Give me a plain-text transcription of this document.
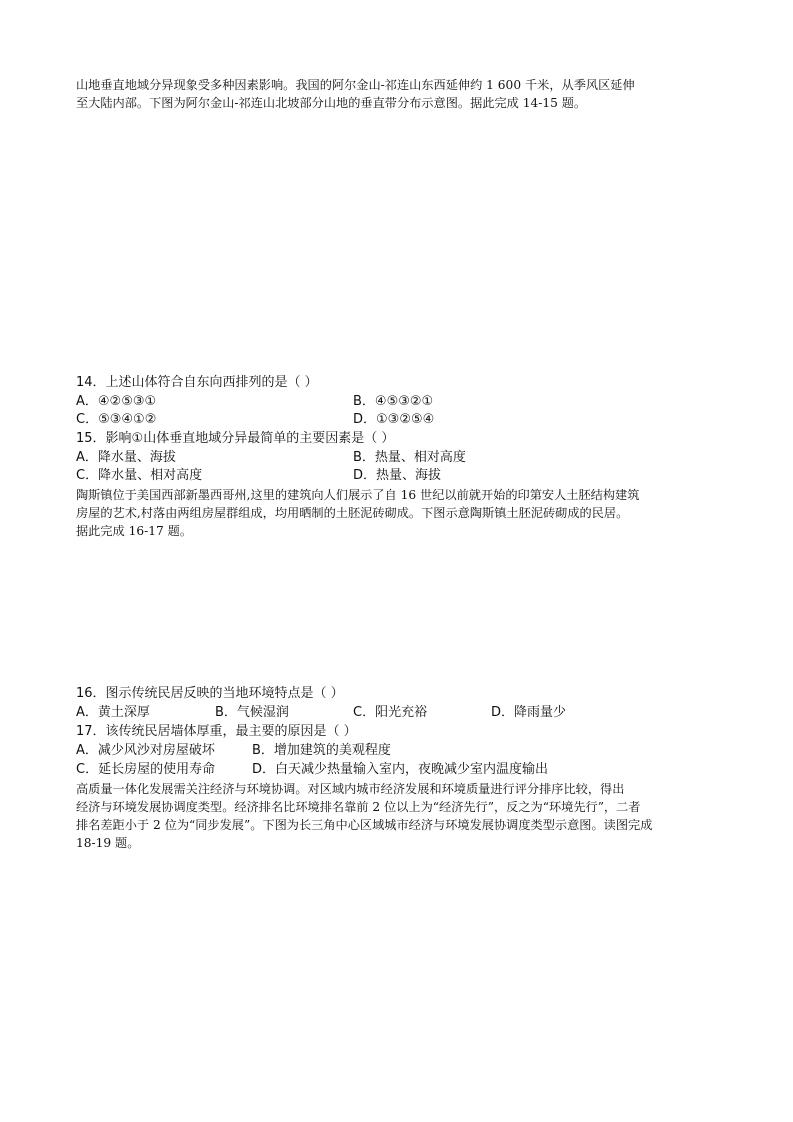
山地垂直地域分异现象受多种因素影响。我国的阿尔金山-祁连山东西延伸约 1 600 千米，从季风区延伸
至大陆内部。下图为阿尔金山-祁连山北坡部分山地的垂直带分布示意图。据此完成 14-15 题。
14．上述山体符合自东向西排列的是（ ）
A．④②⑤③①	B．④⑤③②①
C．⑤③④①②	D．①③②⑤④
15．影响①山体垂直地域分异最简单的主要因素是（ ）
A．降水量、海拔	B．热量、相对高度
C．降水量、相对高度	D．热量、海拔
陶斯镇位于美国西部新墨西哥州,这里的建筑向人们展示了自 16 世纪以前就开始的印第安人土胚结构建筑
房屋的艺术,村落由两组房屋群组成，均用晒制的土胚泥砖砌成。下图示意陶斯镇土胚泥砖砌成的民居。
据此完成 16-17 题。
16．图示传统民居反映的当地环境特点是（ ）
A．黄土深厚	B．气候湿润	C．阳光充裕	D．降雨量少
17．该传统民居墙体厚重，最主要的原因是（ ）
A．减少风沙对房屋破坏	B．增加建筑的美观程度
C．延长房屋的使用寿命	D．白天减少热量输入室内，夜晚减少室内温度输出
高质量一体化发展需关注经济与环境协调。对区域内城市经济发展和环境质量进行评分排序比较，得出
经济与环境发展协调度类型。经济排名比环境排名靠前 2 位以上为“经济先行”，反之为“环境先行”，二者
排名差距小于 2 位为“同步发展”。下图为长三角中心区域城市经济与环境发展协调度类型示意图。读图完成
18-19 题。
